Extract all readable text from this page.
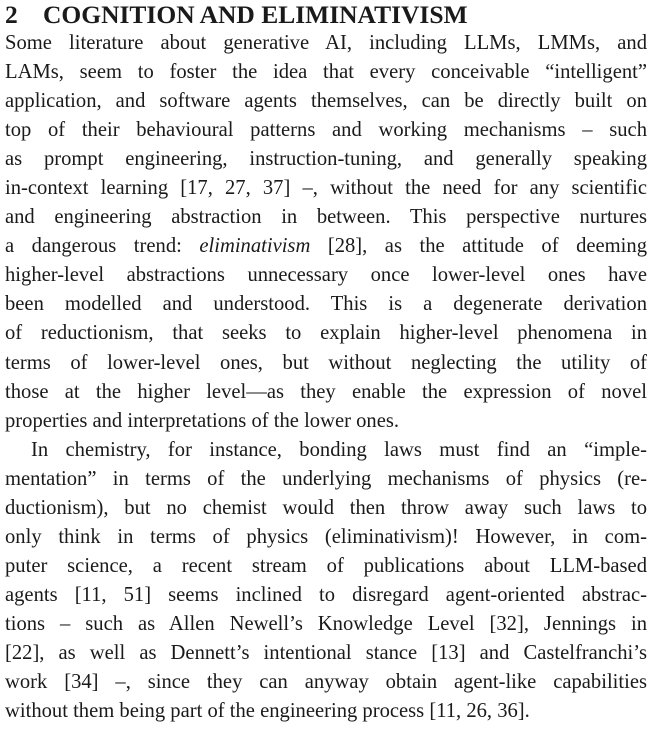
2 COGNITION AND ELIMINATIVISM
Some literature about generative AI, including LLMs, LMMs, and
LAMs, seem to foster the idea that every conceivable “intelligent”
application, and software agents themselves, can be directly built on
top of their behavioural patterns and working mechanisms – such
as prompt engineering, instruction-tuning, and generally speaking
in-context learning [17, 27, 37] –, without the need for any scientific
and engineering abstraction in between. This perspective nurtures
a dangerous trend: eliminativism [28], as the attitude of deeming
higher-level abstractions unnecessary once lower-level ones have
been modelled and understood. This is a degenerate derivation
of reductionism, that seeks to explain higher-level phenomena in
terms of lower-level ones, but without neglecting the utility of
those at the higher level—as they enable the expression of novel
properties and interpretations of the lower ones.
In chemistry, for instance, bonding laws must find an “imple-
mentation” in terms of the underlying mechanisms of physics (re-
ductionism), but no chemist would then throw away such laws to
only think in terms of physics (eliminativism)! However, in com-
puter science, a recent stream of publications about LLM-based
agents [11, 51] seems inclined to disregard agent-oriented abstrac-
tions – such as Allen Newell’s Knowledge Level [32], Jennings in
[22], as well as Dennett’s intentional stance [13] and Castelfranchi’s
work [34] –, since they can anyway obtain agent-like capabilities
without them being part of the engineering process [11, 26, 36].
